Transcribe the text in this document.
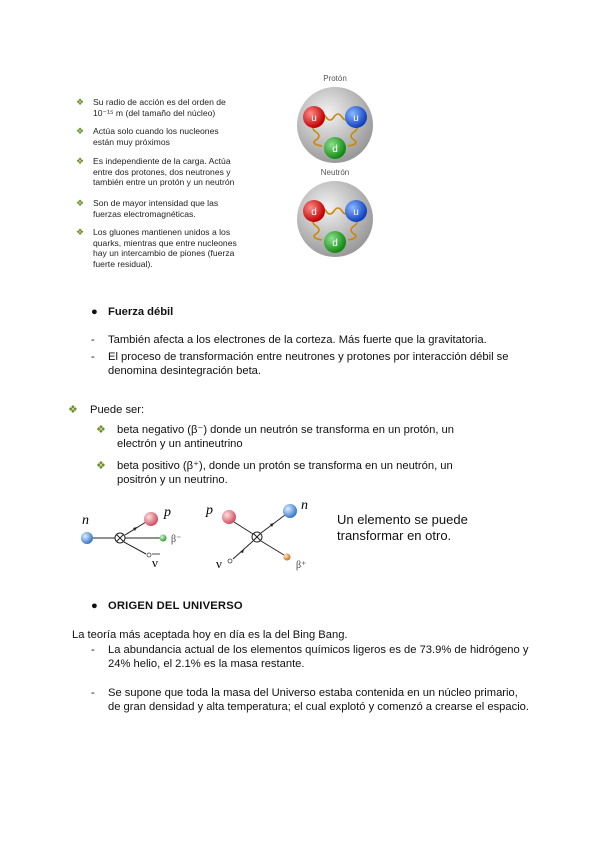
❖ Su radio de acción es del orden de
10⁻¹⁵ m (del tamaño del núcleo)
❖ Actúa solo cuando los nucleones
están muy próximos
❖ Es independiente de la carga. Actúa
entre dos protones, dos neutrones y
también entre un protón y un neutrón
❖ Son de mayor intensidad que las
fuerzas electromagnéticas.
❖ Los gluones mantienen unidos a los
quarks, mientras que entre nucleones
hay un intercambio de piones (fuerza
fuerte residual).
Protón
u	u
d
Neutrón
d	u
d
● Fuerza débil
- También afecta a los electrones de la corteza. Más fuerte que la gravitatoria.
- El proceso de transformación entre neutrones y protones por interacción débil se denomina desintegración beta.
❖ Puede ser:
❖ beta negativo (β⁻) donde un neutrón se transforma en un protón, un
electrón y un antineutrino
❖ beta positivo (β⁺), donde un protón se transforma en un neutrón, un
positrón y un neutrino.
n
p
β⁻
ν
p	n
ν	β⁺
Un elemento se puede
transformar en otro.
● ORIGEN DEL UNIVERSO
La teoría más aceptada hoy en día es la del Bing Bang.
- La abundancia actual de los elementos químicos ligeros es de 73.9% de hidrógeno y
24% helio, el 2.1% es la masa restante.
- Se supone que toda la masa del Universo estaba contenida en un núcleo primario,
de gran densidad y alta temperatura; el cual explotó y comenzó a crearse el espacio.
